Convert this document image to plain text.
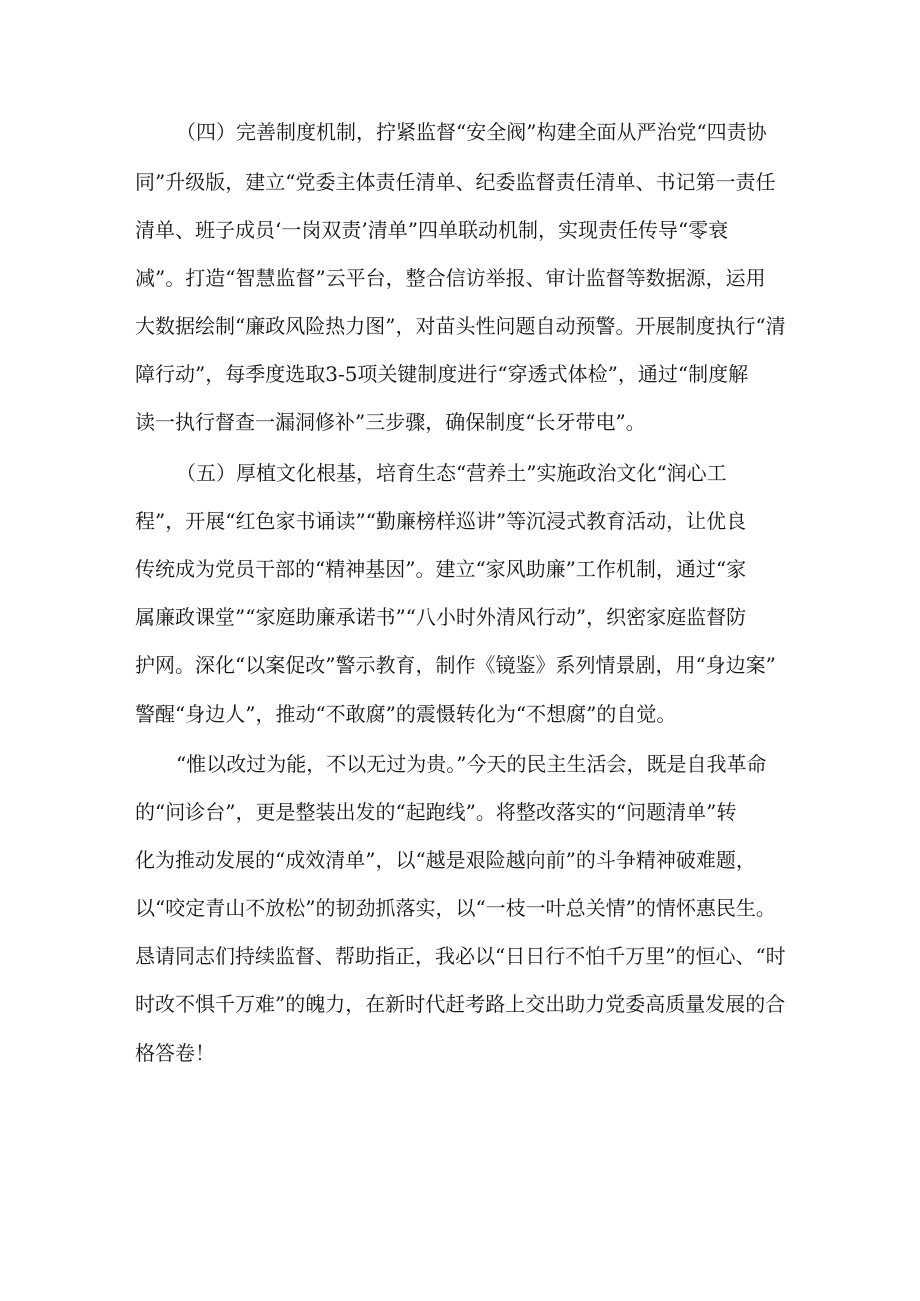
（四）完善制度机制，拧紧监督“安全阀”构建全面从严治党“四责协

同”升级版，建立“党委主体责任清单、纪委监督责任清单、书记第一责任

清单、班子成员‘一岗双责’清单”四单联动机制，实现责任传导“零衰

减”。打造“智慧监督”云平台，整合信访举报、审计监督等数据源，运用

大数据绘制“廉政风险热力图”，对苗头性问题自动预警。开展制度执行“清

障行动”，每季度选取3-5项关键制度进行“穿透式体检”，通过“制度解

读一执行督查一漏洞修补”三步骤，确保制度“长牙带电”。

（五）厚植文化根基，培育生态“营养土”实施政治文化“润心工

程”，开展“红色家书诵读”“勤廉榜样巡讲”等沉浸式教育活动，让优良

传统成为党员干部的“精神基因”。建立“家风助廉”工作机制，通过“家

属廉政课堂”“家庭助廉承诺书”“八小时外清风行动”，织密家庭监督防

护网。深化“以案促改”警示教育，制作《镜鉴》系列情景剧，用“身边案”

警醒“身边人”，推动“不敢腐”的震慑转化为“不想腐”的自觉。

“惟以改过为能，不以无过为贵。”今天的民主生活会，既是自我革命

的“问诊台”，更是整装出发的“起跑线”。将整改落实的“问题清单”转

化为推动发展的“成效清单”，以“越是艰险越向前”的斗争精神破难题，

以“咬定青山不放松”的韧劲抓落实，以“一枝一叶总关情”的情怀惠民生。

恳请同志们持续监督、帮助指正，我必以“日日行不怕千万里”的恒心、“时

时改不惧千万难”的魄力，在新时代赶考路上交出助力党委高质量发展的合

格答卷！
